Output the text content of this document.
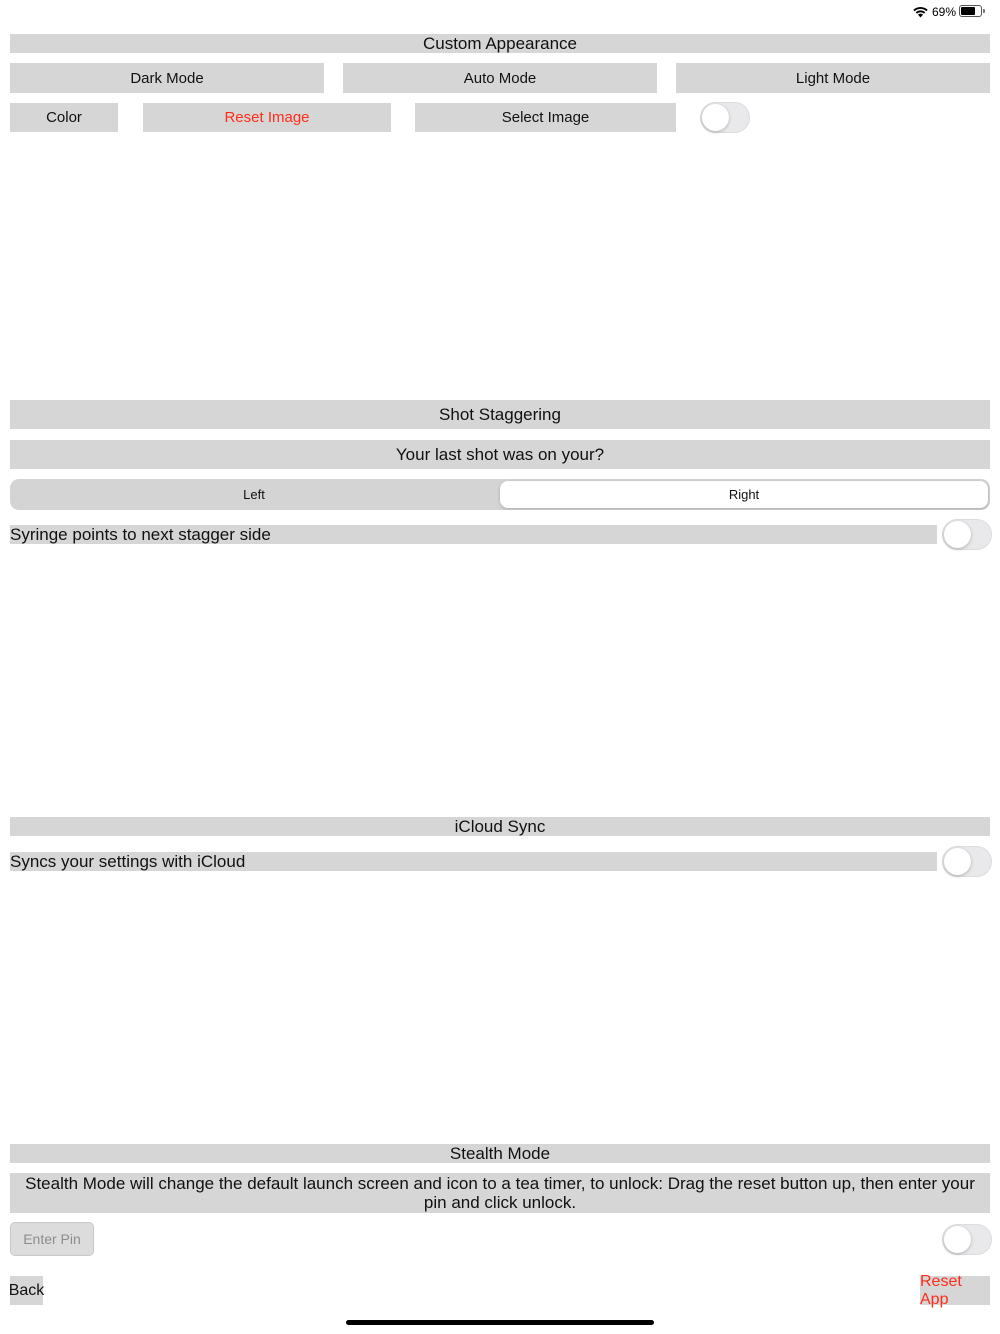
69%
Custom Appearance
Dark Mode	Auto Mode	Light Mode
Color	Reset Image	Select Image
Shot Staggering
Your last shot was on your?
Left	Right
Syringe points to next stagger side
iCloud Sync
Syncs your settings with iCloud
Stealth Mode
Stealth Mode will change the default launch screen and icon to a tea timer, to unlock: Drag the reset button up, then enter your pin and click unlock.
Enter Pin
Back
Reset App
